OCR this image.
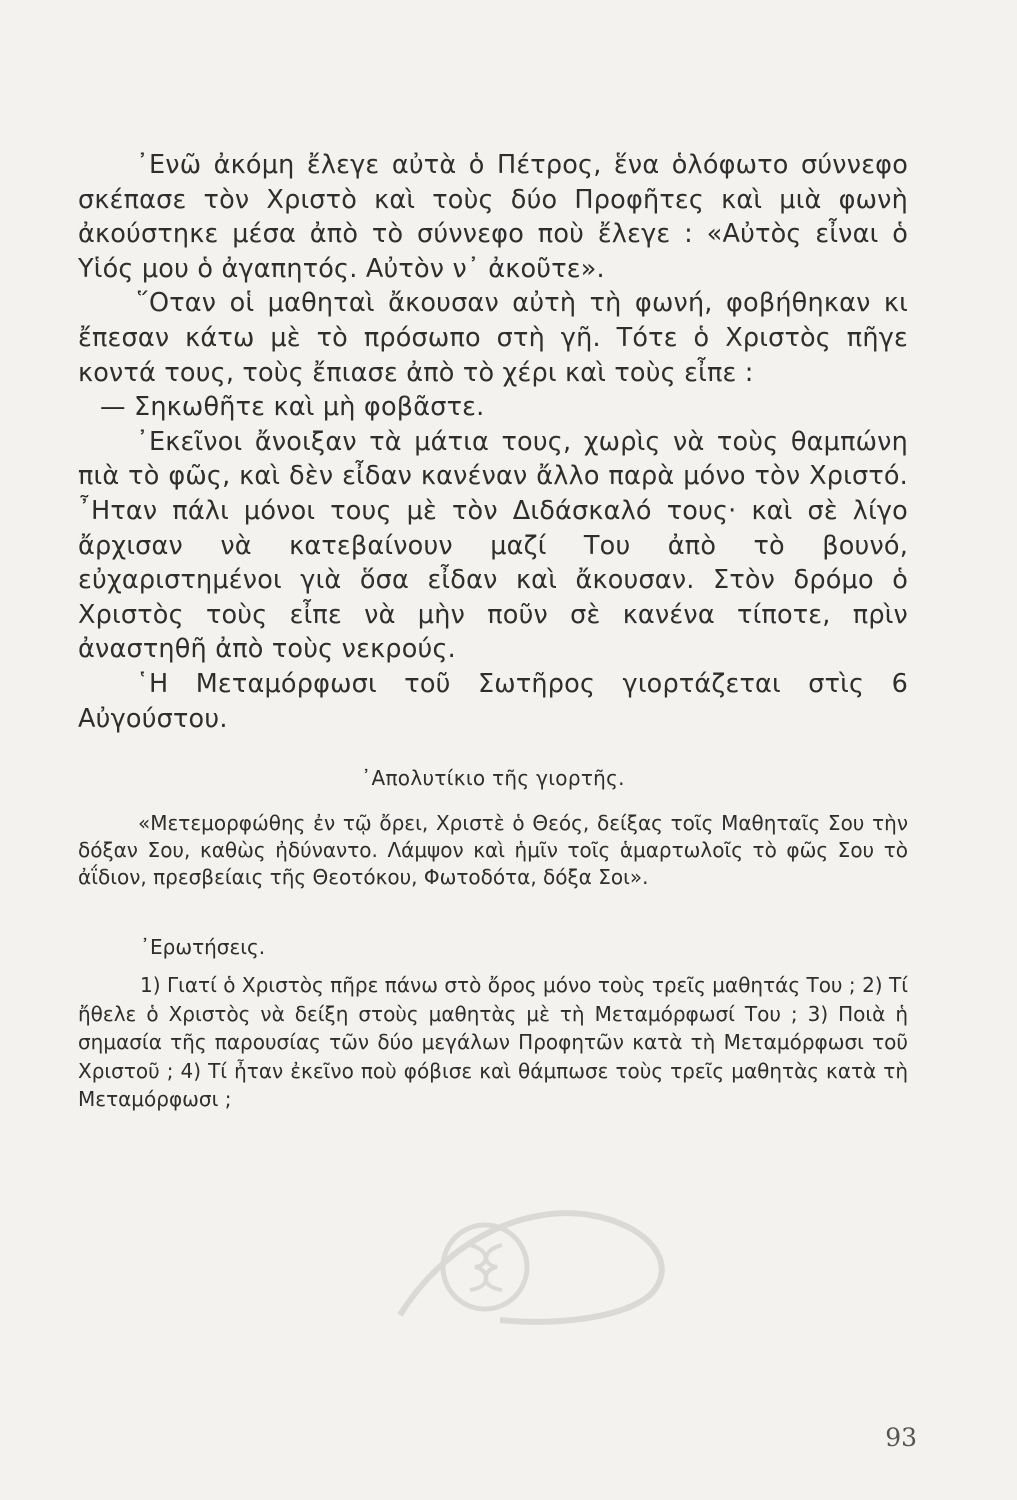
᾿Ενῶ ἀκόμη ἔλεγε αὐτὰ ὁ Πέτρος, ἕνα ὁλόφωτο σύννεφο σκέπασε τὸν Χριστὸ καὶ τοὺς δύο Προφῆτες καὶ μιὰ φωνὴ ἀκούστηκε μέσα ἀπὸ τὸ σύννεφο ποὺ ἔλεγε : «Αὐτὸς εἶναι ὁ Υἱός μου ὁ ἀγαπητός. Αὐτὸν ν᾿ ἀκοῦτε».

῞Οταν οἱ μαθηταὶ ἄκουσαν αὐτὴ τὴ φωνή, φοβήθηκαν κι ἔπεσαν κάτω μὲ τὸ πρόσωπο στὴ γῆ. Τότε ὁ Χριστὸς πῆγε κοντά τους, τοὺς ἔπιασε ἀπὸ τὸ χέρι καὶ τοὺς εἶπε :

— Σηκωθῆτε καὶ μὴ φοβᾶστε.

᾿Εκεῖνοι ἄνοιξαν τὰ μάτια τους, χωρὶς νὰ τοὺς θαμπώνη πιὰ τὸ φῶς, καὶ δὲν εἶδαν κανέναν ἄλλο παρὰ μόνο τὸν Χριστό. ῏Ηταν πάλι μόνοι τους μὲ τὸν Διδάσκαλό τους· καὶ σὲ λίγο ἄρχισαν νὰ κατεβαίνουν μαζί Του ἀπὸ τὸ βουνό, εὐχαριστημένοι γιὰ ὅσα εἶδαν καὶ ἄκουσαν. Στὸν δρόμο ὁ Χριστὸς τοὺς εἶπε νὰ μὴν ποῦν σὲ κανένα τίποτε, πρὶν ἀναστηθῆ ἀπὸ τοὺς νεκρούς.

῾Η Μεταμόρφωσι τοῦ Σωτῆρος γιορτάζεται στὶς 6 Αὐγούστου.

᾿Απολυτίκιο τῆς γιορτῆς.

«Μετεμορφώθης ἐν τῷ ὄρει, Χριστὲ ὁ Θεός, δείξας τοῖς Μαθηταῖς Σου τὴν δόξαν Σου, καθὼς ἠδύναντο. Λάμψον καὶ ἡμῖν τοῖς ἁμαρτωλοῖς τὸ φῶς Σου τὸ ἀΐδιον, πρεσβείαις τῆς Θεοτόκου, Φωτοδότα, δόξα Σοι».

᾿Ερωτήσεις.

1) Γιατί ὁ Χριστὸς πῆρε πάνω στὸ ὄρος μόνο τοὺς τρεῖς μαθητάς Του ; 2) Τί ἤθελε ὁ Χριστὸς νὰ δείξη στοὺς μαθητὰς μὲ τὴ Μεταμόρφωσί Του ; 3) Ποιὰ ἡ σημασία τῆς παρουσίας τῶν δύο μεγάλων Προφητῶν κατὰ τὴ Μεταμόρφωσι τοῦ Χριστοῦ ; 4) Τί ἦταν ἐκεῖνο ποὺ φόβισε καὶ θάμπωσε τοὺς τρεῖς μαθητὰς κατὰ τὴ Μεταμόρφωσι ;

93
